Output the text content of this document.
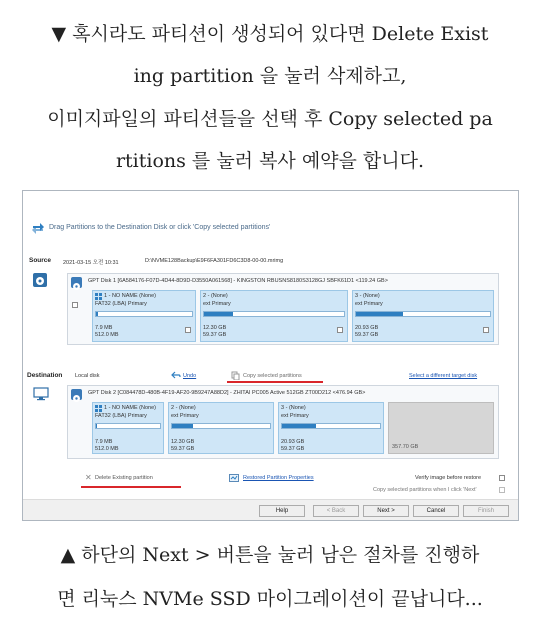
▼ 혹시라도 파티션이 생성되어 있다면 Delete Exist
ing partition 을 눌러 삭제하고,
이미지파일의 파티션들을 선택 후 Copy selected pa
rtitions 를 눌러 복사 예약을 합니다.
Drag Partitions to the Destination Disk or click 'Copy selected partitions'
Source 2021-03-15 오전 10:31	D:\NVME128Backup\E9F6FA301FD6C3D8-00-00.mrimg
GPT Disk 1 [6A584176-F07D-4D44-8D9D-D3550A061568] - KINGSTON RBUSNS8180S3128GJ SBFK61D1 <119.24 GB>
1 - NO NAME (None)
FAT32 (LBA) Primary
7.9 MB
512.0 MB
2 - (None)
ext Primary
12.30 GB
59.37 GB
3 - (None)
ext Primary
20.93 GB
59.37 GB
Destination Local disk	Undo	Copy selected partitions	Select a different target disk
GPT Disk 2 [C084478D-480B-4F19-AF20-9B9247A88D2] - ZHITAI PC005 Active 512GB ZT00D212 <476.94 GB>
1 - NO NAME (None)
FAT32 (LBA) Primary
7.9 MB
512.0 MB
2 - (None)
ext Primary
12.30 GB
59.37 GB
3 - (None)
ext Primary
20.93 GB
59.37 GB	357.70 GB
✕ Delete Existing partition	Restored Partition Properties	Verify image before restore
Copy selected partitions when I click 'Next'
Help	< Back	Next >	Cancel	Finish
▲ 하단의 Next > 버튼을 눌러 남은 절차를 진행하
면 리눅스 NVMe SSD 마이그레이션이 끝납니다...
